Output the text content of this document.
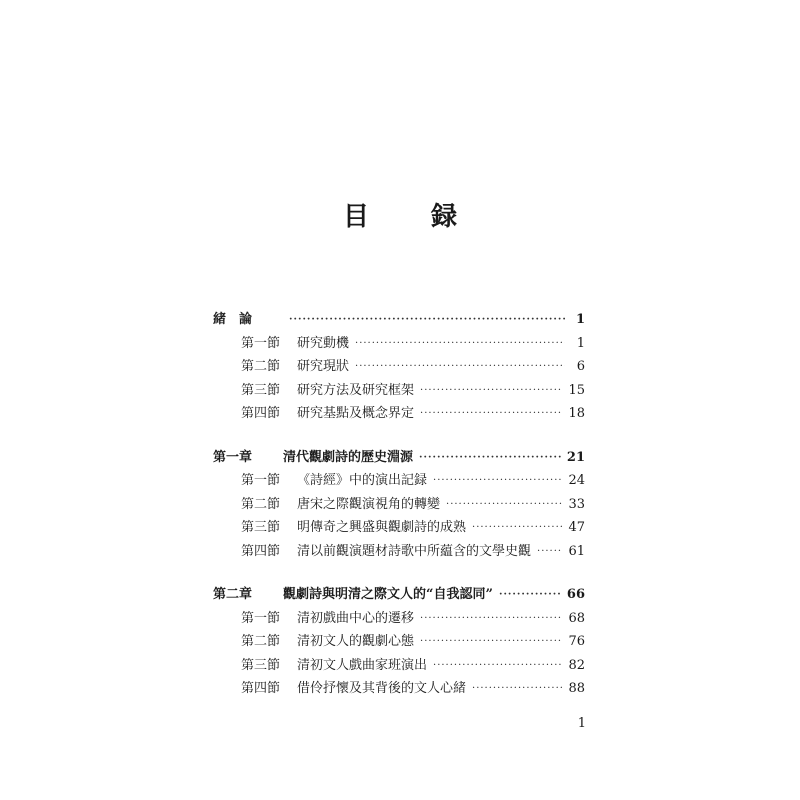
目　録
緒　論 ·····	1
第一節 研究動機 ·····	1
第二節 研究現狀 ·····	6
第三節 研究方法及研究框架 ·····	15
第四節 研究基點及概念界定 ·····	18
第一章 清代觀劇詩的歷史淵源 ·····	21
第一節 《詩經》中的演出記録 ·····	24
第二節 唐宋之際觀演視角的轉變 ·····	33
第三節 明傳奇之興盛與觀劇詩的成熟 ·····	47
第四節 清以前觀演題材詩歌中所藴含的文學史觀 ·····	61
第二章 觀劇詩與明清之際文人的“自我認同” ·····	66
第一節 清初戲曲中心的遷移 ·····	68
第二節 清初文人的觀劇心態 ·····	76
第三節 清初文人戲曲家班演出 ·····	82
第四節 借伶抒懷及其背後的文人心緒 ·····	88
1
